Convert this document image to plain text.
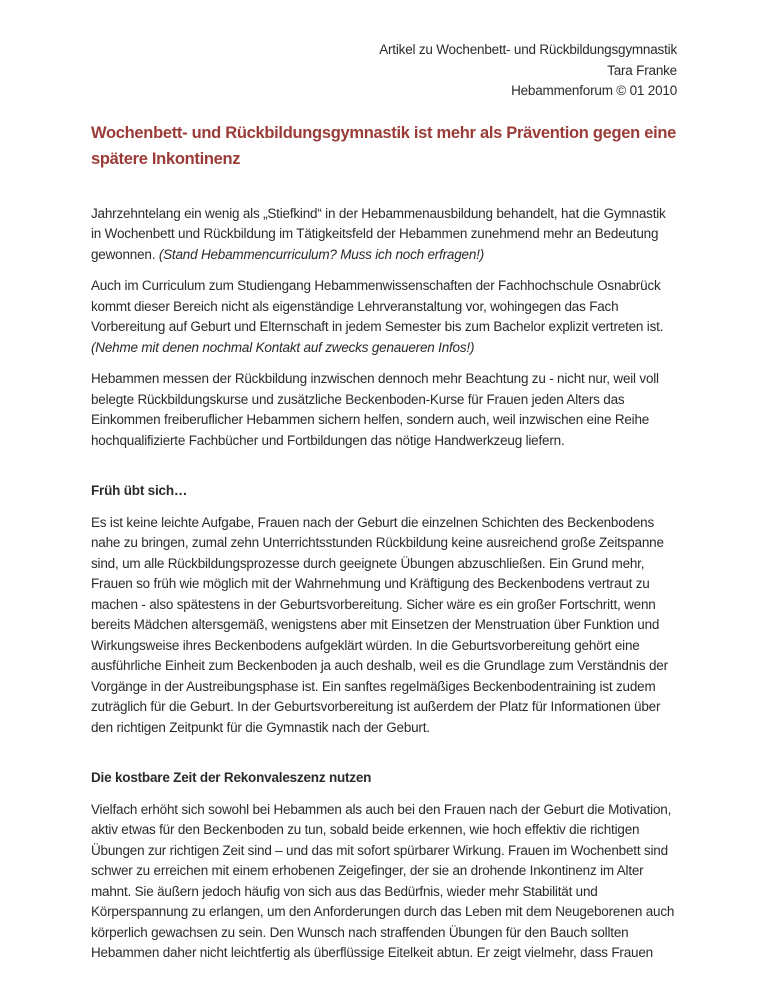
Artikel zu Wochenbett- und Rückbildungsgymnastik
Tara Franke
Hebammenforum © 01 2010
Wochenbett- und Rückbildungsgymnastik ist mehr als Prävention gegen eine spätere Inkontinenz

Jahrzehntelang ein wenig als „Stiefkind“ in der Hebammenausbildung behandelt, hat die Gymnastik in Wochenbett und Rückbildung im Tätigkeitsfeld der Hebammen zunehmend mehr an Bedeutung gewonnen. (Stand Hebammencurriculum? Muss ich noch erfragen!)

Auch im Curriculum zum Studiengang Hebammenwissenschaften der Fachhochschule Osnabrück kommt dieser Bereich nicht als eigenständige Lehrveranstaltung vor, wohingegen das Fach Vorbereitung auf Geburt und Elternschaft in jedem Semester bis zum Bachelor explizit vertreten ist. (Nehme mit denen nochmal Kontakt auf zwecks genaueren Infos!)

Hebammen messen der Rückbildung inzwischen dennoch mehr Beachtung zu - nicht nur, weil voll belegte Rückbildungskurse und zusätzliche Beckenboden-Kurse für Frauen jeden Alters das Einkommen freiberuflicher Hebammen sichern helfen, sondern auch, weil inzwischen eine Reihe hochqualifizierte Fachbücher und Fortbildungen das nötige Handwerkzeug liefern.

Früh übt sich…

Es ist keine leichte Aufgabe, Frauen nach der Geburt die einzelnen Schichten des Beckenbodens nahe zu bringen, zumal zehn Unterrichtsstunden Rückbildung keine ausreichend große Zeitspanne sind, um alle Rückbildungsprozesse durch geeignete Übungen abzuschließen. Ein Grund mehr, Frauen so früh wie möglich mit der Wahrnehmung und Kräftigung des Beckenbodens vertraut zu machen - also spätestens in der Geburtsvorbereitung. Sicher wäre es ein großer Fortschritt, wenn bereits Mädchen altersgemäß, wenigstens aber mit Einsetzen der Menstruation über Funktion und Wirkungsweise ihres Beckenbodens aufgeklärt würden. In die Geburtsvorbereitung gehört eine ausführliche Einheit zum Beckenboden ja auch deshalb, weil es die Grundlage zum Verständnis der Vorgänge in der Austreibungsphase ist. Ein sanftes regelmäßiges Beckenbodentraining ist zudem zuträglich für die Geburt. In der Geburtsvorbereitung ist außerdem der Platz für Informationen über den richtigen Zeitpunkt für die Gymnastik nach der Geburt.

Die kostbare Zeit der Rekonvaleszenz nutzen

Vielfach erhöht sich sowohl bei Hebammen als auch bei den Frauen nach der Geburt die Motivation, aktiv etwas für den Beckenboden zu tun, sobald beide erkennen, wie hoch effektiv die richtigen Übungen zur richtigen Zeit sind – und das mit sofort spürbarer Wirkung. Frauen im Wochenbett sind schwer zu erreichen mit einem erhobenen Zeigefinger, der sie an drohende Inkontinenz im Alter mahnt. Sie äußern jedoch häufig von sich aus das Bedürfnis, wieder mehr Stabilität und Körperspannung zu erlangen, um den Anforderungen durch das Leben mit dem Neugeborenen auch körperlich gewachsen zu sein. Den Wunsch nach straffenden Übungen für den Bauch sollten Hebammen daher nicht leichtfertig als überflüssige Eitelkeit abtun. Er zeigt vielmehr, dass Frauen
